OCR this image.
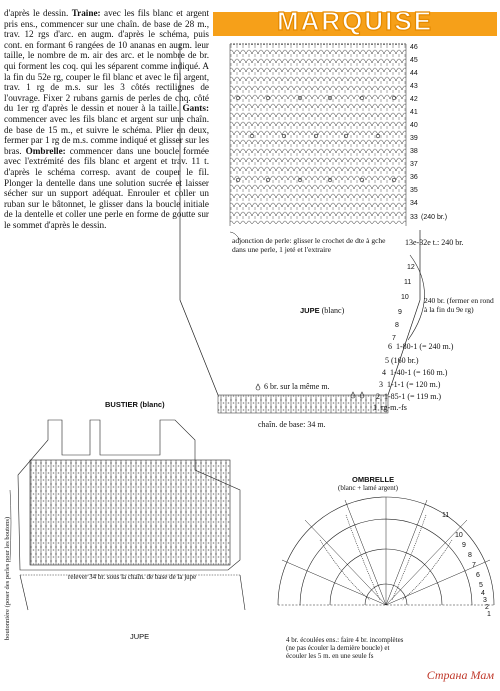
d'après le dessin. Traine: avec les fils blanc et argent pris ens., commencer sur une chaîn. de base de 28 m., trav. 12 rgs d'arc. en augm. d'après le schéma, puis cont. en formant 6 rangées de 10 ananas en augm. leur taille, le nombre de m. air des arc. et le nombre de br. qui forment les coq. qui les séparent comme indiqué. A la fin du 52e rg, couper le fil blanc et avec le fil argent, trav. 1 rg de m.s. sur les 3 côtés rectilignes de l'ouvrage. Fixer 2 rubans garnis de perles de chq. côté du 1er rg d'après le dessin et nouer à la taille. Gants: commencer avec les fils blanc et argent sur une chaîn. de base de 15 m., et suivre le schéma. Plier en deux, fermer par 1 rg de m.s. comme indiqué et glisser sur les bras. Ombrelle: commencer dans une boucle formée avec l'extrémité des fils blanc et argent et trav. 11 t. d'après le schéma corresp. avant de couper le fil. Plonger la dentelle dans une solution sucrée et laisser sécher sur un support adéquat. Enrouler et coller un ruban sur le bâtonnet, le glisser dans la boucle initiale de la dentelle et coller une perle en forme de goutte sur le sommet d'après le dessin.

MARQUISE
46
45
44
43
42
41
40
39
38
37
36
35
34
33 (240 br.)
13e-32e t.: 240 br.
adjonction de perle: glisser le crochet de dte à gche dans une perle, 1 jeté et l'extraire
JUPE (blanc)
12
11
10
9
8
7
240 br. (fermer en rond à la fin du 9e rg)
6 1-80-1 (= 240 m.)
5 (160 br.)
4 1-40-1 (= 160 m.)
3 1-1-1 (= 120 m.)
2 1-85-1 (= 119 m.)
1 rg-m.-fs
6 br. sur la même m.
chaîn. de base: 34 m.
BUSTIER (blanc)
relever 34 br. sous la chaîn. de base de la jupe
boutonnière (poser des perles pour les boutons)	JUPE
OMBRELLE
(blanc + lamé argent)
4 br. écoulées ens.: faire 4 br. incomplètes (ne pas écouler la dernière boucle) et écouler les 5 m. en une seule fs
11
10
9
8
7
6
5
4
3
2
1
Страна Мам
